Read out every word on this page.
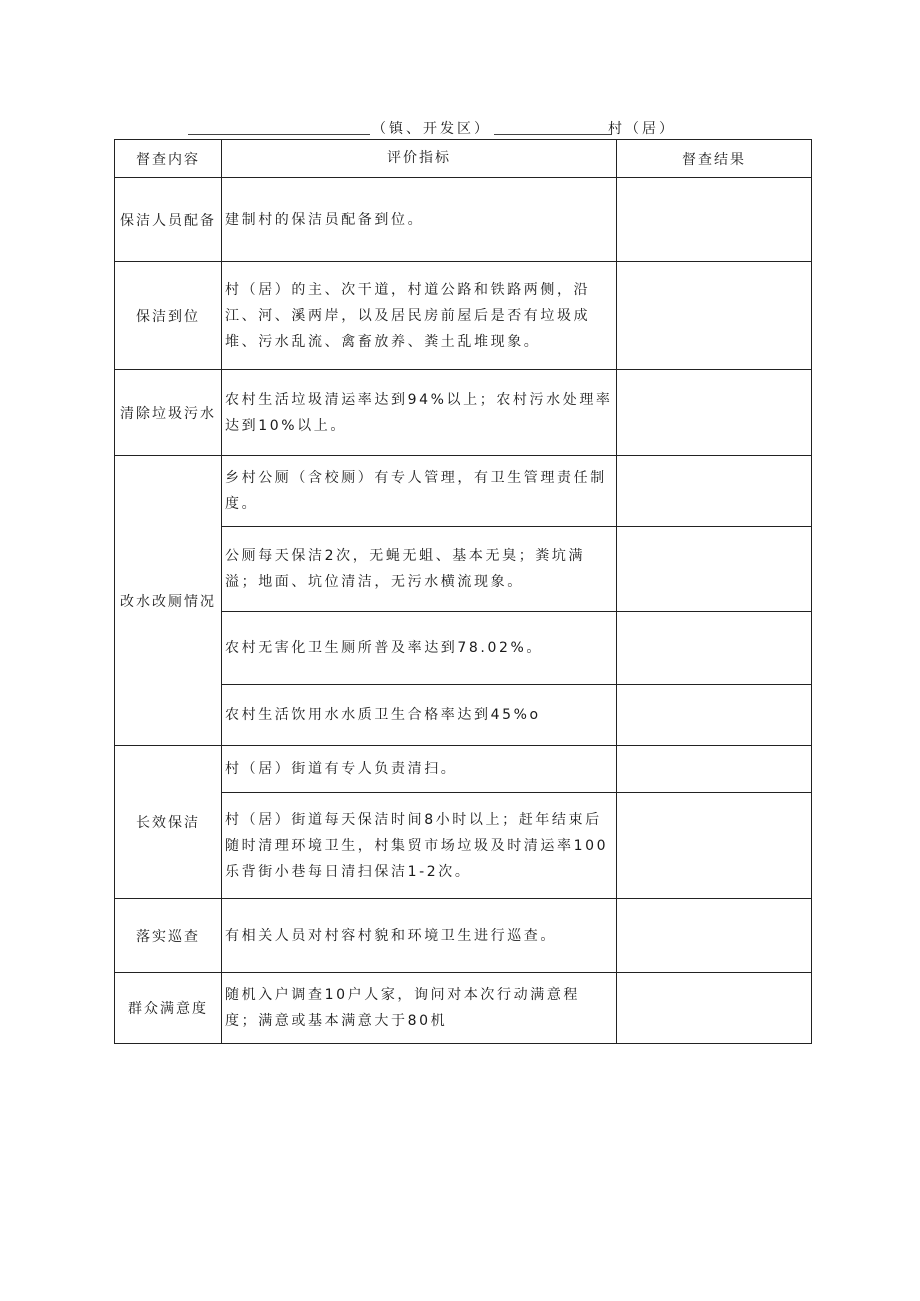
（镇、开发区）	村（居）
督查内容	评价指标	督查结果
保洁人员配备	建制村的保洁员配备到位。	
保洁到位	村（居）的主、次干道，村道公路和铁路两侧，沿江、河、溪两岸，以及居民房前屋后是否有垃圾成堆、污水乱流、禽畜放养、粪土乱堆现象。	
清除垃圾污水	农村生活垃圾清运率达到94%以上；农村污水处理率达到10%以上。	
改水改厕情况	乡村公厕（含校厕）有专人管理，有卫生管理责任制度。	
	公厕每天保洁2次，无蝇无蛆、基本无臭；粪坑满溢；地面、坑位清洁，无污水横流现象。	
	农村无害化卫生厕所普及率达到78.02%。	
	农村生活饮用水水质卫生合格率达到45%o	
长效保洁	村（居）街道有专人负责清扫。	
	村（居）街道每天保洁时间8小时以上；赶年结束后随时清理环境卫生，村集贸市场垃圾及时清运率100乐背街小巷每日清扫保洁1-2次。	
落实巡查	有相关人员对村容村貌和环境卫生进行巡查。	
群众满意度	随机入户调查10户人家，询问对本次行动满意程度；满意或基本满意大于80机	
